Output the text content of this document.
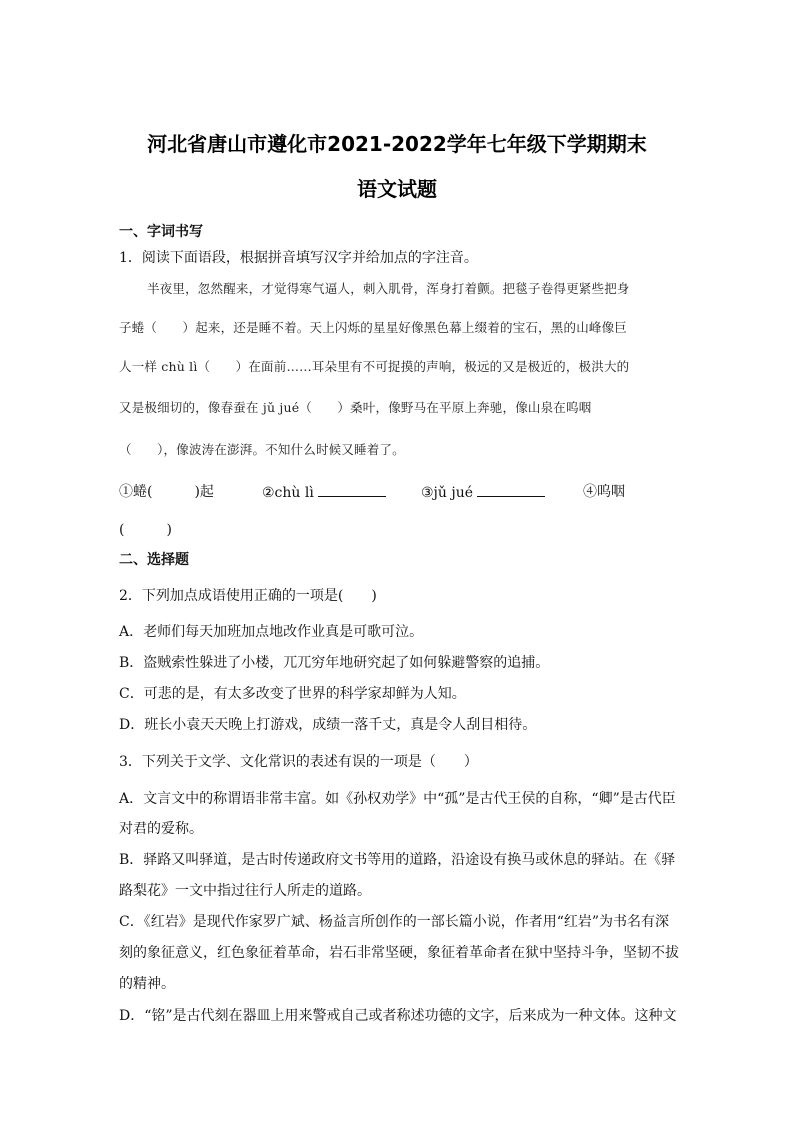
河北省唐山市遵化市2021-2022学年七年级下学期期末
语文试题
一、字词书写
1．阅读下面语段，根据拼音填写汉字并给加点的字注音。
半夜里，忽然醒来，才觉得寒气逼人，刺入肌骨，浑身打着颤。把毯子卷得更紧些把身
子蜷（　　）起来，还是睡不着。天上闪烁的星星好像黑色幕上缀着的宝石，黑的山峰像巨
人一样 chù lì（　　）在面前……耳朵里有不可捉摸的声响，极远的又是极近的，极洪大的
又是极细切的，像春蚕在 jǔ jué（　　）桑叶，像野马在平原上奔驰，像山泉在呜咽
（　　），像波涛在澎湃。不知什么时候又睡着了。
①蜷(　　　)起	②chù lì	③jǔ jué	④呜咽
(　　　)
二、选择题
2．下列加点成语使用正确的一项是(　　)
A．老师们每天加班加点地改作业真是可歌可泣。
B．盗贼索性躲进了小楼，兀兀穷年地研究起了如何躲避警察的追捕。
C．可悲的是，有太多改变了世界的科学家却鲜为人知。
D．班长小袁天天晚上打游戏，成绩一落千丈，真是令人刮目相待。
3．下列关于文学、文化常识的表述有误的一项是（　　）
A．文言文中的称谓语非常丰富。如《孙权劝学》中“孤”是古代王侯的自称，“卿”是古代臣
对君的爱称。
B．驿路又叫驿道，是古时传递政府文书等用的道路，沿途设有换马或休息的驿站。在《驿
路梨花》一文中指过往行人所走的道路。
C．《红岩》是现代作家罗广斌、杨益言所创作的一部长篇小说，作者用“红岩”为书名有深
刻的象征意义，红色象征着革命，岩石非常坚硬，象征着革命者在狱中坚持斗争，坚韧不拔
的精神。
D．“铭”是古代刻在器皿上用来警戒自己或者称述功德的文字，后来成为一种文体。这种文
